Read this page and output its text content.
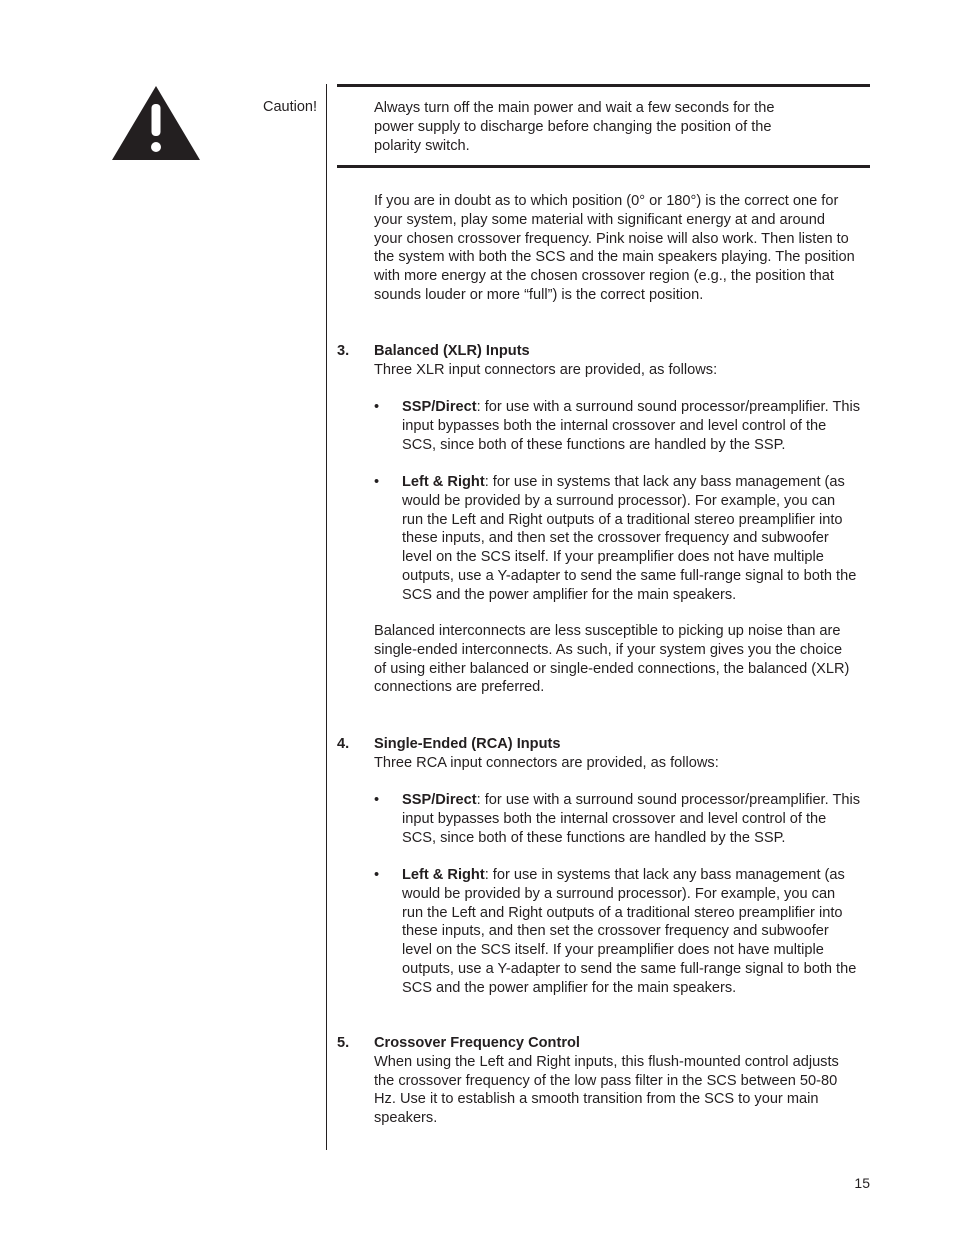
Caution!	Always turn off the main power and wait a few seconds for the
power supply to discharge before changing the position of the
polarity switch.
If you are in doubt as to which position (0° or 180°) is the correct one for
your system, play some material with significant energy at and around
your chosen crossover frequency. Pink noise will also work. Then listen to
the system with both the SCS and the main speakers playing. The position
with more energy at the chosen crossover region (e.g., the position that
sounds louder or more “full”) is the correct position.
3. Balanced (XLR) Inputs
Three XLR input connectors are provided, as follows:
• SSP/Direct: for use with a surround sound processor/preamplifier. This
input bypasses both the internal crossover and level control of the
SCS, since both of these functions are handled by the SSP.
• Left & Right: for use in systems that lack any bass management (as
would be provided by a surround processor). For example, you can
run the Left and Right outputs of a traditional stereo preamplifier into
these inputs, and then set the crossover frequency and subwoofer
level on the SCS itself. If your preamplifier does not have multiple
outputs, use a Y-adapter to send the same full-range signal to both the
SCS and the power amplifier for the main speakers.
Balanced interconnects are less susceptible to picking up noise than are
single-ended interconnects. As such, if your system gives you the choice
of using either balanced or single-ended connections, the balanced (XLR)
connections are preferred.
4. Single-Ended (RCA) Inputs
Three RCA input connectors are provided, as follows:
• SSP/Direct: for use with a surround sound processor/preamplifier. This
input bypasses both the internal crossover and level control of the
SCS, since both of these functions are handled by the SSP.
• Left & Right: for use in systems that lack any bass management (as
would be provided by a surround processor). For example, you can
run the Left and Right outputs of a traditional stereo preamplifier into
these inputs, and then set the crossover frequency and subwoofer
level on the SCS itself. If your preamplifier does not have multiple
outputs, use a Y-adapter to send the same full-range signal to both the
SCS and the power amplifier for the main speakers.
5. Crossover Frequency Control
When using the Left and Right inputs, this flush-mounted control adjusts
the crossover frequency of the low pass filter in the SCS between 50-80
Hz. Use it to establish a smooth transition from the SCS to your main
speakers.
15
